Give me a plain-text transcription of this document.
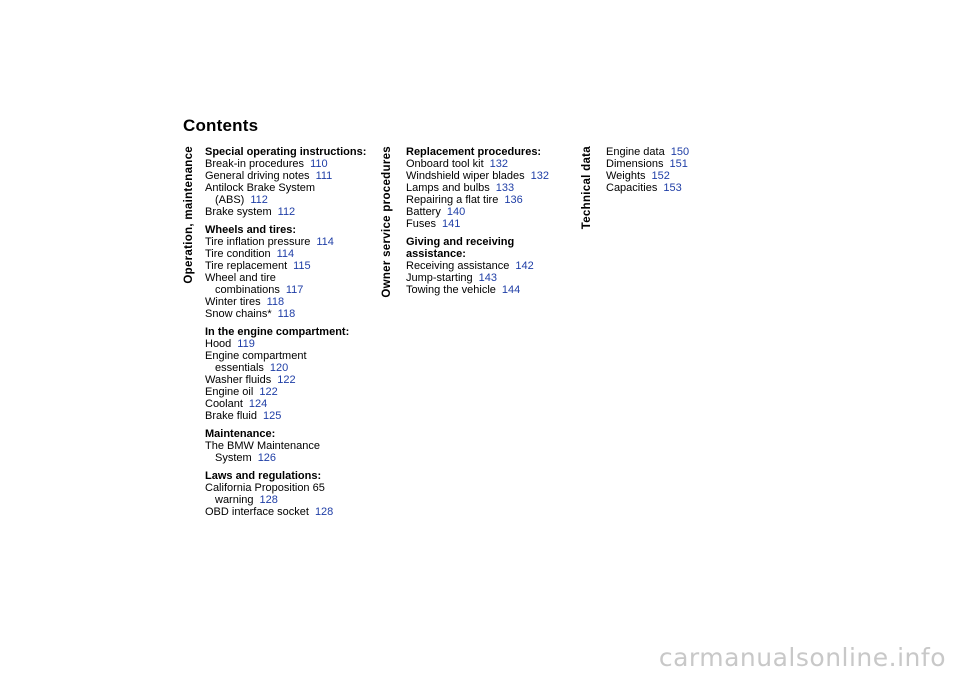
Contents
Operation, maintenance	Owner service procedures	Technical data
Special operating instructions:
Break-in procedures 110
General driving notes 111
Antilock Brake System
(ABS) 112
Brake system 112
Wheels and tires:
Tire inflation pressure 114
Tire condition 114
Tire replacement 115
Wheel and tire
combinations 117
Winter tires 118
Snow chains* 118
In the engine compartment:
Hood 119
Engine compartment
essentials 120
Washer fluids 122
Engine oil 122
Coolant 124
Brake fluid 125
Maintenance:
The BMW Maintenance
System 126
Laws and regulations:
California Proposition 65
warning 128
OBD interface socket 128
Replacement procedures:
Onboard tool kit 132
Windshield wiper blades 132
Lamps and bulbs 133
Repairing a flat tire 136
Battery 140
Fuses 141
Giving and receiving
assistance:
Receiving assistance 142
Jump-starting 143
Towing the vehicle 144
Engine data 150
Dimensions 151
Weights 152
Capacities 153
carmanualsonline.info
